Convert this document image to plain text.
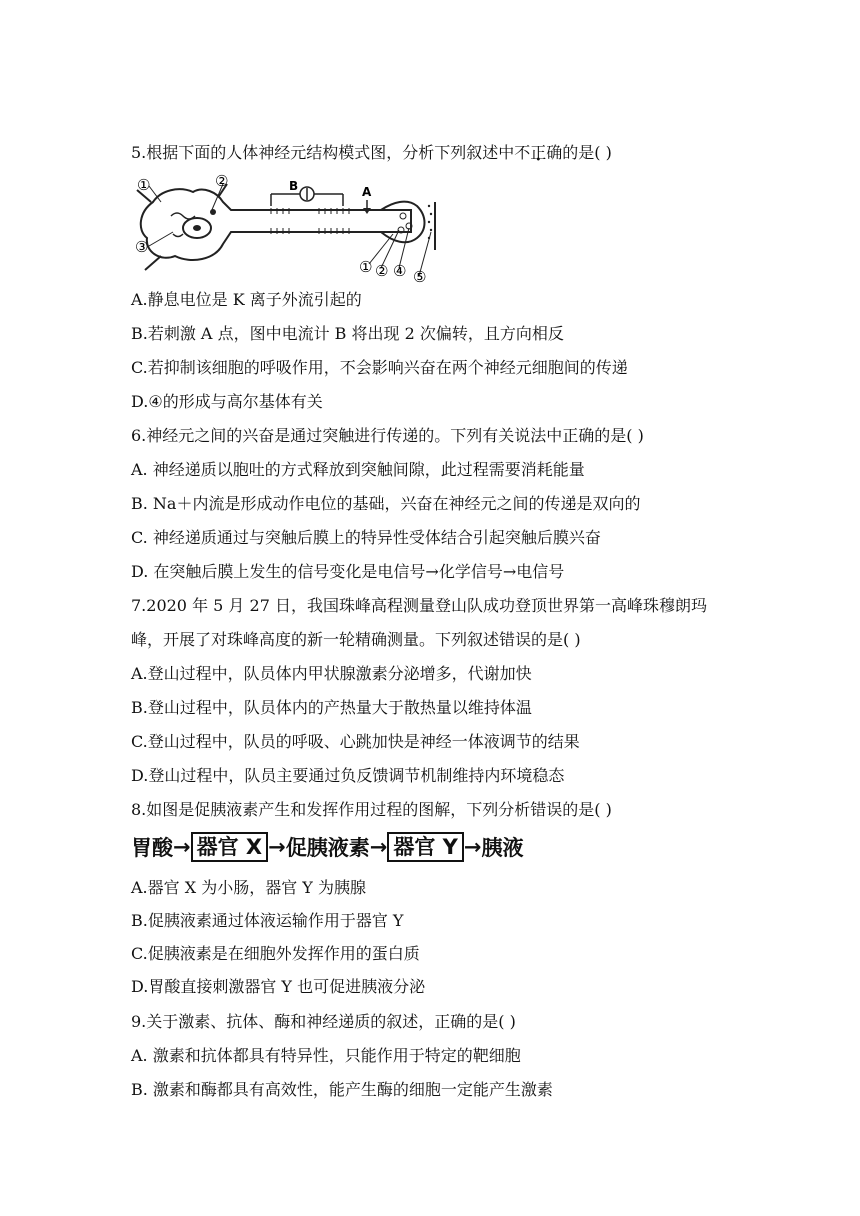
5.根据下面的人体神经元结构模式图，分析下列叙述中不正确的是( )
B	A
①	②
③
① ② ④ ⑤
A.静息电位是 K 离子外流引起的
B.若刺激 A 点，图中电流计 B 将出现 2 次偏转，且方向相反
C.若抑制该细胞的呼吸作用，不会影响兴奋在两个神经元细胞间的传递
D.④的形成与高尔基体有关
6.神经元之间的兴奋是通过突触进行传递的。下列有关说法中正确的是( )
A. 神经递质以胞吐的方式释放到突触间隙，此过程需要消耗能量
B. Na＋内流是形成动作电位的基础，兴奋在神经元之间的传递是双向的
C. 神经递质通过与突触后膜上的特异性受体结合引起突触后膜兴奋
D. 在突触后膜上发生的信号变化是电信号→化学信号→电信号
7.2020 年 5 月 27 日，我国珠峰高程测量登山队成功登顶世界第一高峰珠穆朗玛
峰，开展了对珠峰高度的新一轮精确测量。下列叙述错误的是( )
A.登山过程中，队员体内甲状腺激素分泌增多，代谢加快
B.登山过程中，队员体内的产热量大于散热量以维持体温
C.登山过程中，队员的呼吸、心跳加快是神经一体液调节的结果
D.登山过程中，队员主要通过负反馈调节机制维持内环境稳态
8.如图是促胰液素产生和发挥作用过程的图解，下列分析错误的是( )
胃酸 → 器官 X → 促胰液素 → 器官 Y → 胰液
A.器官 X 为小肠，器官 Y 为胰腺
B.促胰液素通过体液运输作用于器官 Y
C.促胰液素是在细胞外发挥作用的蛋白质
D.胃酸直接刺激器官 Y 也可促进胰液分泌
9.关于激素、抗体、酶和神经递质的叙述，正确的是( )
A. 激素和抗体都具有特异性，只能作用于特定的靶细胞
B. 激素和酶都具有高效性，能产生酶的细胞一定能产生激素
